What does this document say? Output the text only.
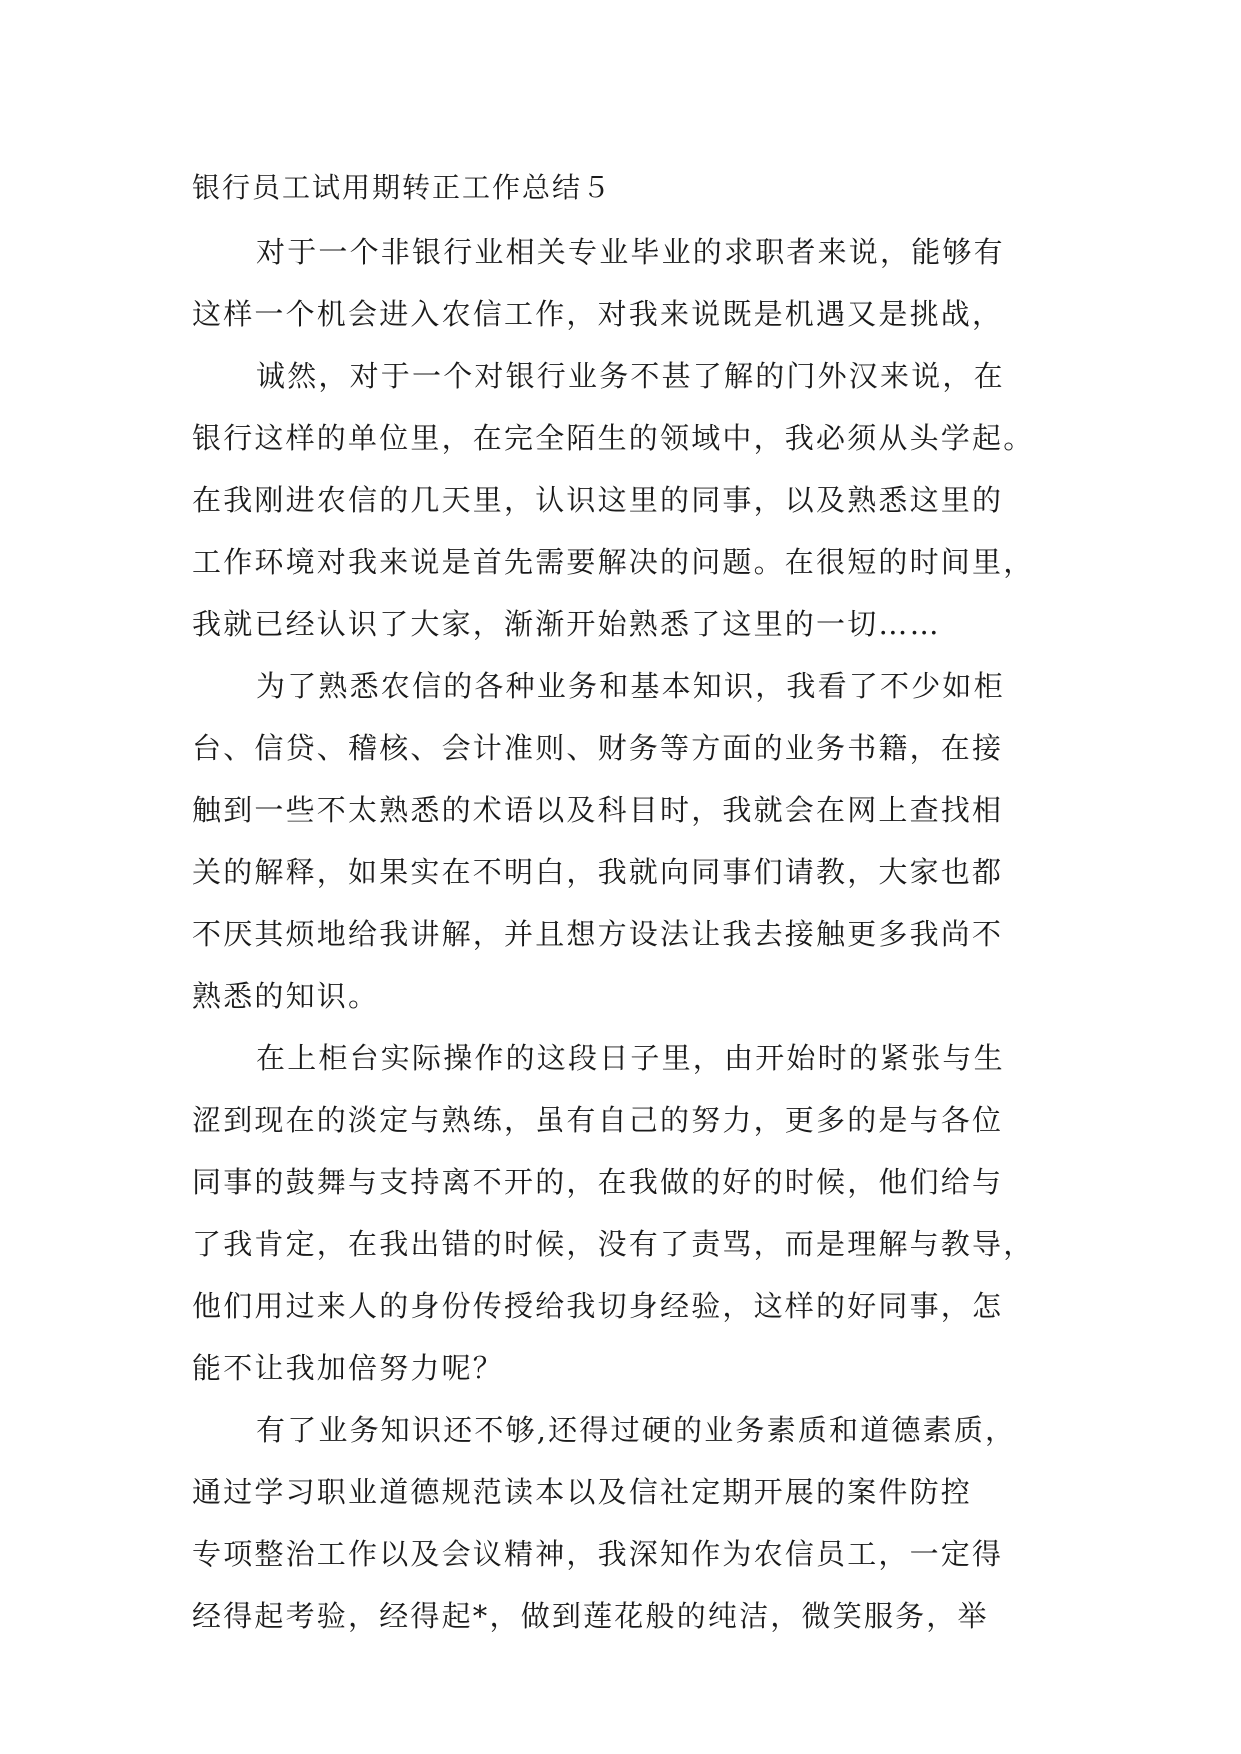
银行员工试用期转正工作总结５

对于一个非银行业相关专业毕业的求职者来说，能够有

这样一个机会进入农信工作，对我来说既是机遇又是挑战，

诚然，对于一个对银行业务不甚了解的门外汉来说，在

银行这样的单位里，在完全陌生的领域中，我必须从头学起。

在我刚进农信的几天里，认识这里的同事，以及熟悉这里的

工作环境对我来说是首先需要解决的问题。在很短的时间里，

我就已经认识了大家，渐渐开始熟悉了这里的一切……

为了熟悉农信的各种业务和基本知识，我看了不少如柜

台、信贷、稽核、会计准则、财务等方面的业务书籍，在接

触到一些不太熟悉的术语以及科目时，我就会在网上查找相

关的解释，如果实在不明白，我就向同事们请教，大家也都

不厌其烦地给我讲解，并且想方设法让我去接触更多我尚不

熟悉的知识。

在上柜台实际操作的这段日子里，由开始时的紧张与生

涩到现在的淡定与熟练，虽有自己的努力，更多的是与各位

同事的鼓舞与支持离不开的，在我做的好的时候，他们给与

了我肯定，在我出错的时候，没有了责骂，而是理解与教导，

他们用过来人的身份传授给我切身经验，这样的好同事，怎

能不让我加倍努力呢？

有了业务知识还不够,还得过硬的业务素质和道德素质，

通过学习职业道德规范读本以及信社定期开展的案件防控

专项整治工作以及会议精神，我深知作为农信员工，一定得

经得起考验，经得起*，做到莲花般的纯洁，微笑服务，举
